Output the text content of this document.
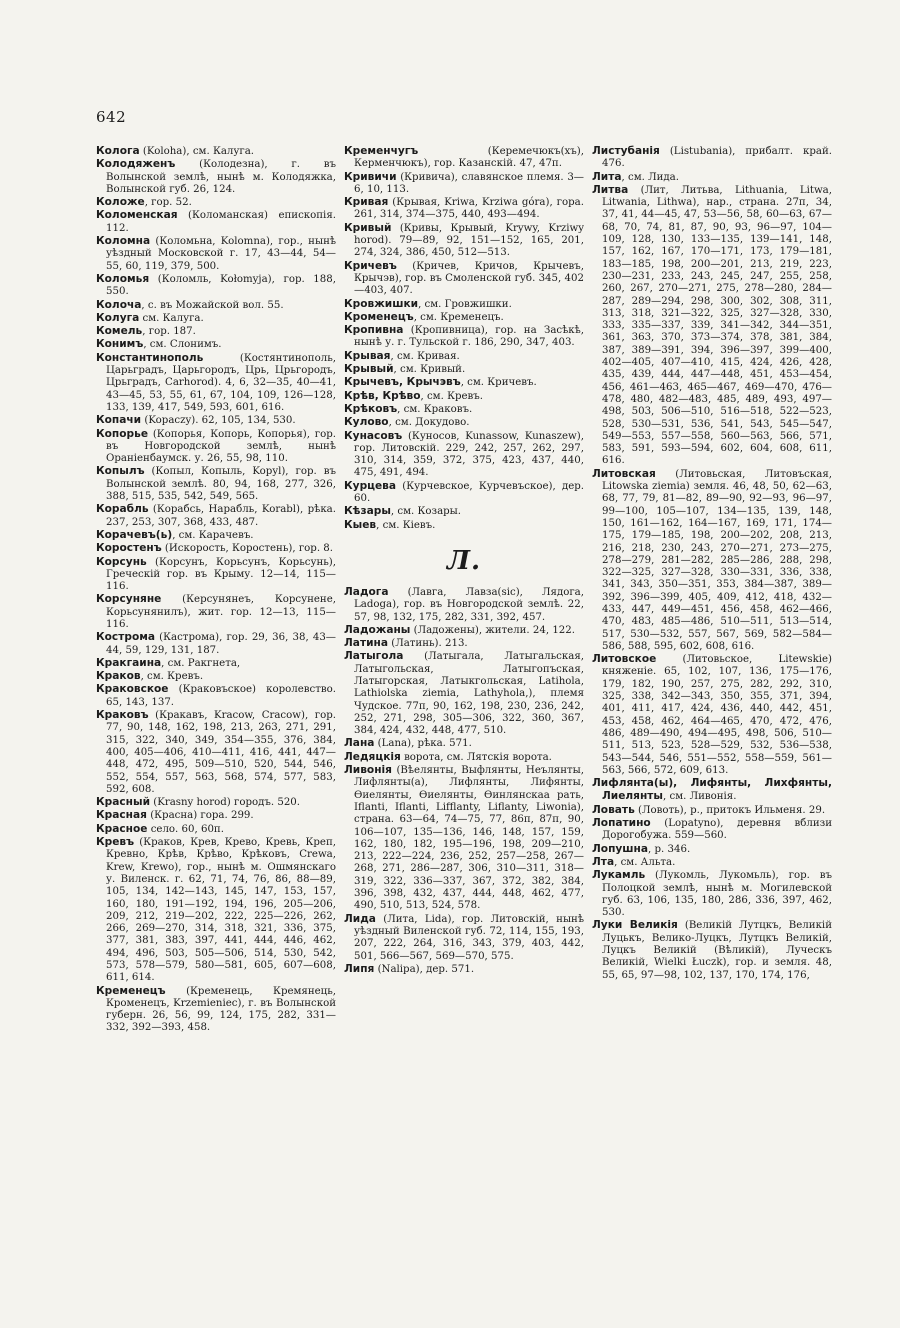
642

Кологa (Koloha), см. Калуга.

Колодяженъ (Колодезна), г. въ Волынской землѣ, нынѣ м. Колодяжка, Волынской губ. 26, 124.

Коложе, гор. 52.

Коломенская (Коломанская) епископія. 112.

Коломна (Коломьна, Kolomna), гор., нынѣ уѣздный Московской г. 17, 43—44, 54—55, 60, 119, 379, 500.

Коломья (Коломль, Kołomyja), гор. 188, 550.

Колоча, с. въ Можайской вол. 55.

Колуга см. Калуга.

Комель, гор. 187.

Конимъ, см. Слонимъ.

Константинополь (Костянтинополь, Царьградъ, Царьгородъ, Црь, Црьгородъ, Црьградъ, Carhorod). 4, 6, 32—35, 40—41, 43—45, 53, 55, 61, 67, 104, 109, 126—128, 133, 139, 417, 549, 593, 601, 616.

Копачи (Kopaczy). 62, 105, 134, 530.

Копорье (Копорья, Копорь, Копорья), гор. въ Новгородской землѣ, нынѣ Ораніенбаумск. у. 26, 55, 98, 110.

Копылъ (Копыл, Копыль, Kopyl), гор. въ Волынской землѣ. 80, 94, 168, 277, 326, 388, 515, 535, 542, 549, 565.

Корабль (Корабсь, Нарабль, Korabl), рѣка. 237, 253, 307, 368, 433, 487.

Корачевъ(ь), см. Карачевъ.

Коростенъ (Искорость, Коростень), гор. 8.

Корсунь (Корсунъ, Корьсунъ, Корьсунь), Греческій гор. въ Крыму. 12—14, 115—116.

Корсуняне (Керсунянеъ, Корсунене, Корьсунянилъ), жит. гор. 12—13, 115—116.

Кострома (Кастрома), гор. 29, 36, 38, 43—44, 59, 129, 131, 187.

Кракгаина, см. Ракгнета,

Краков, см. Кревъ.

Краковское (Краковъское) королевство. 65, 143, 137.

Краковъ (Кракавъ, Kracow, Cracow), гор. 77, 90, 148, 162, 198, 213, 263, 271, 291, 315, 322, 340, 349, 354—355, 376, 384, 400, 405—406, 410—411, 416, 441, 447—448, 472, 495, 509—510, 520, 544, 546, 552, 554, 557, 563, 568, 574, 577, 583, 592, 608.

Красный (Krasny horod) городъ. 520.

Красная (Красна) гора. 299.

Красное село. 60, 60п.

Кревъ (Кракoв, Крев, Крево, Кревь, Креп, Кревно, Крѣв, Крѣво, Крѣковъ, Crewa, Krew, Krewo), гор., нынѣ м. Ошмянскаго у. Виленск. г. 62, 71, 74, 76, 86, 88—89, 105, 134, 142—143, 145, 147, 153, 157, 160, 180, 191—192, 194, 196, 205—206, 209, 212, 219—202, 222, 225—226, 262, 266, 269—270, 314, 318, 321, 336, 375, 377, 381, 383, 397, 441, 444, 446, 462, 494, 496, 503, 505—506, 514, 530, 542, 573, 578—579, 580—581, 605, 607—608, 611, 614.

Кременецъ (Кременець, Кремянець, Кроменецъ, Krzemieniec), г. въ Волынской губерн. 26, 56, 99, 124, 175, 282, 331—332, 392—393, 458.

Кременчугъ (Керемечюкъ(хъ), Керменчюкъ), гор. Казанскій. 47, 47п.

Кривичи (Кривича), славянское племя. 3—6, 10, 113.

Кривая (Крывая, Kriwa, Krziwa góra), гора. 261, 314, 374—375, 440, 493—494.

Кривый (Кривы, Крывый, Krywy, Krziwy horod). 79—89, 92, 151—152, 165, 201, 274, 324, 386, 450, 512—513.

Кричевъ (Кричев, Кричов, Крычевъ, Крычэв), гор. въ Смоленской губ. 345, 402—403, 407.

Кровжишки, см. Гровжишки.

Кроменецъ, см. Кременецъ.

Кропивна (Кропивница), гор. на Засѣкѣ, нынѣ у. г. Тульской г. 186, 290, 347, 403.

Крывая, см. Кривая.

Крывый, см. Кривый.

Крычевъ, Крычэвъ, см. Кричевъ.

Крѣв, Крѣво, см. Кревъ.

Крѣковъ, см. Краковъ.

Кулово, см. Докудово.

Кунасовъ (Куносов, Kunassow, Kunaszew), гор. Литовскій. 229, 242, 257, 262, 297, 310, 314, 359, 372, 375, 423, 437, 440, 475, 491, 494.

Курцева (Курчевское, Курчевъское), дер. 60.

Кѣзары, см. Козары.

Кыев, см. Кіевъ.

Л.

Ладога (Лавга, Лавза(sic), Лядога, Ladoga), гор. въ Новгородской землѣ. 22, 57, 98, 132, 175, 282, 331, 392, 457.

Ладожаны (Ладожены), жители. 24, 122.

Латина (Латинь). 213.

Латыгола (Латыгала, Латыгальская, Латыгольская, Латыгопъская, Латыгорская, Латыкгольская, Latihola, Lathiolska ziemia, Lathyhola,), племя Чудское. 77п, 90, 162, 198, 230, 236, 242, 252, 271, 298, 305—306, 322, 360, 367, 384, 424, 432, 448, 477, 510.

Лана (Lana), рѣка. 571.

Ледяцкія ворота, см. Лятскія ворота.

Ливонія (Вѣелянты, Выфлянты, Неълянты, Лифлянты(а), Лифлянты, Лифянты, Ѳиелянты, Ѳиелянты, Ѳинлянскаа рать, Iflanti, Iflanti, Lifflanty, Liflanty, Liwonia), страна. 63—64, 74—75, 77, 86п, 87п, 90, 106—107, 135—136, 146, 148, 157, 159, 162, 180, 182, 195—196, 198, 209—210, 213, 222—224, 236, 252, 257—258, 267—268, 271, 286—287, 306, 310—311, 318—319, 322, 336—337, 367, 372, 382, 384, 396, 398, 432, 437, 444, 448, 462, 477, 490, 510, 513, 524, 578.

Лида (Лита, Lida), гор. Литовскій, нынѣ уѣздный Виленской губ. 72, 114, 155, 193, 207, 222, 264, 316, 343, 379, 403, 442, 501, 566—567, 569—570, 575.

Липя (Nalipa), дер. 571.

Листубанія (Listubania), прибалт. край. 476.

Лита, см. Лида.

Литва (Лит, Литьва, Lithuania, Litwa, Litwania, Lithwa), нар., страна. 27п, 34, 37, 41, 44—45, 47, 53—56, 58, 60—63, 67—68, 70, 74, 81, 87, 90, 93, 96—97, 104—109, 128, 130, 133—135, 139—141, 148, 157, 162, 167, 170—171, 173, 179—181, 183—185, 198, 200—201, 213, 219, 223, 230—231, 233, 243, 245, 247, 255, 258, 260, 267, 270—271, 275, 278—280, 284—287, 289—294, 298, 300, 302, 308, 311, 313, 318, 321—322, 325, 327—328, 330, 333, 335—337, 339, 341—342, 344—351, 361, 363, 370, 373—374, 378, 381, 384, 387, 389—391, 394, 396—397, 399—400, 402—405, 407—410, 415, 424, 426, 428, 435, 439, 444, 447—448, 451, 453—454, 456, 461—463, 465—467, 469—470, 476—478, 480, 482—483, 485, 489, 493, 497—498, 503, 506—510, 516—518, 522—523, 528, 530—531, 536, 541, 543, 545—547, 549—553, 557—558, 560—563, 566, 571, 583, 591, 593—594, 602, 604, 608, 611, 616.

Литовская (Литовьская, Литовъская, Litowska ziemia) земля. 46, 48, 50, 62—63, 68, 77, 79, 81—82, 89—90, 92—93, 96—97, 99—100, 105—107, 134—135, 139, 148, 150, 161—162, 164—167, 169, 171, 174—175, 179—185, 198, 200—202, 208, 213, 216, 218, 230, 243, 270—271, 273—275, 278—279, 281—282, 285—286, 288, 298, 322—325, 327—328, 330—331, 336, 338, 341, 343, 350—351, 353, 384—387, 389—392, 396—399, 405, 409, 412, 418, 432—433, 447, 449—451, 456, 458, 462—466, 470, 483, 485—486, 510—511, 513—514, 517, 530—532, 557, 567, 569, 582—584—586, 588, 595, 602, 608, 616.

Литовское (Литовьское, Litewskie) княженіе. 65, 102, 107, 136, 175—176, 179, 182, 190, 257, 275, 282, 292, 310, 325, 338, 342—343, 350, 355, 371, 394, 401, 411, 417, 424, 436, 440, 442, 451, 453, 458, 462, 464—465, 470, 472, 476, 486, 489—490, 494—495, 498, 506, 510—511, 513, 523, 528—529, 532, 536—538, 543—544, 546, 551—552, 558—559, 561—563, 566, 572, 609, 613.

Лифлянта(ы), Лифянты, Лихфянты, Лиелянты, см. Ливонія.

Ловать (Ловоть), р., притокъ Ильменя. 29.

Лопатино (Lopatyno), деревня вблизи Дорогобужа. 559—560.

Лопушна, р. 346.

Лта, см. Альта.

Лукамль (Лукомль, Лукомьль), гор. въ Полоцкой землѣ, нынѣ м. Могилевской губ. 63, 106, 135, 180, 286, 336, 397, 462, 530.

Луки Великія (Великій Лутцкъ, Великій Луцькъ, Велико-Луцкъ, Лутцкъ Великій, Луцкъ Великій (Вѣликій), Луческъ Великій, Wielki Łuczk), гор. и земля. 48, 55, 65, 97—98, 102, 137, 170, 174, 176,
